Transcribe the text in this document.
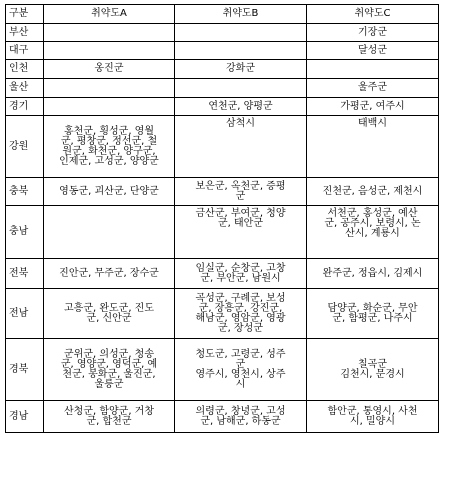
구분	취약도A	취약도B	취약도C
부산			기장군

대구			달성군

인천	옹진군	강화군	

울산			울주군

경기		연천군, 양평군	가평군, 여주시

강원	홍천군, 횡성군, 영월
군, 평창군, 정선군, 철
원군, 화천군, 양구군,
인제군, 고성군, 양양군	삼척시	태백시

충북	영동군, 괴산군, 단양군	보은군, 옥천군, 증평
군	진천군, 음성군, 제천시

충남		금산군, 부여군, 청양
군, 태안군	서천군, 홍성군, 예산
군, 공주시, 보령시, 논
산시, 계룡시

전북	진안군, 무주군, 장수군	임실군, 순창군, 고창
군, 부안군, 남원시	완주군, 정읍시, 김제시

전남	고흥군, 완도군, 진도
군, 신안군	곡성군, 구례군, 보성
군, 장흥군, 강진군,
해남군, 영암군, 영광
군, 장성군	담양군, 화순군, 무안
군, 함평군, 나주시

경북	군위군, 의성군, 청송
군, 영양군, 영덕군, 예
천군, 봉화군, 울진군,
울릉군	청도군, 고령군, 성주
군
영주시, 영천시, 상주
시	칠곡군
김천시, 문경시

경남	산청군, 함양군, 거창
군, 합천군	의령군, 창녕군, 고성
군, 남해군, 하동군	함안군, 통영시, 사천
시, 밀양시
